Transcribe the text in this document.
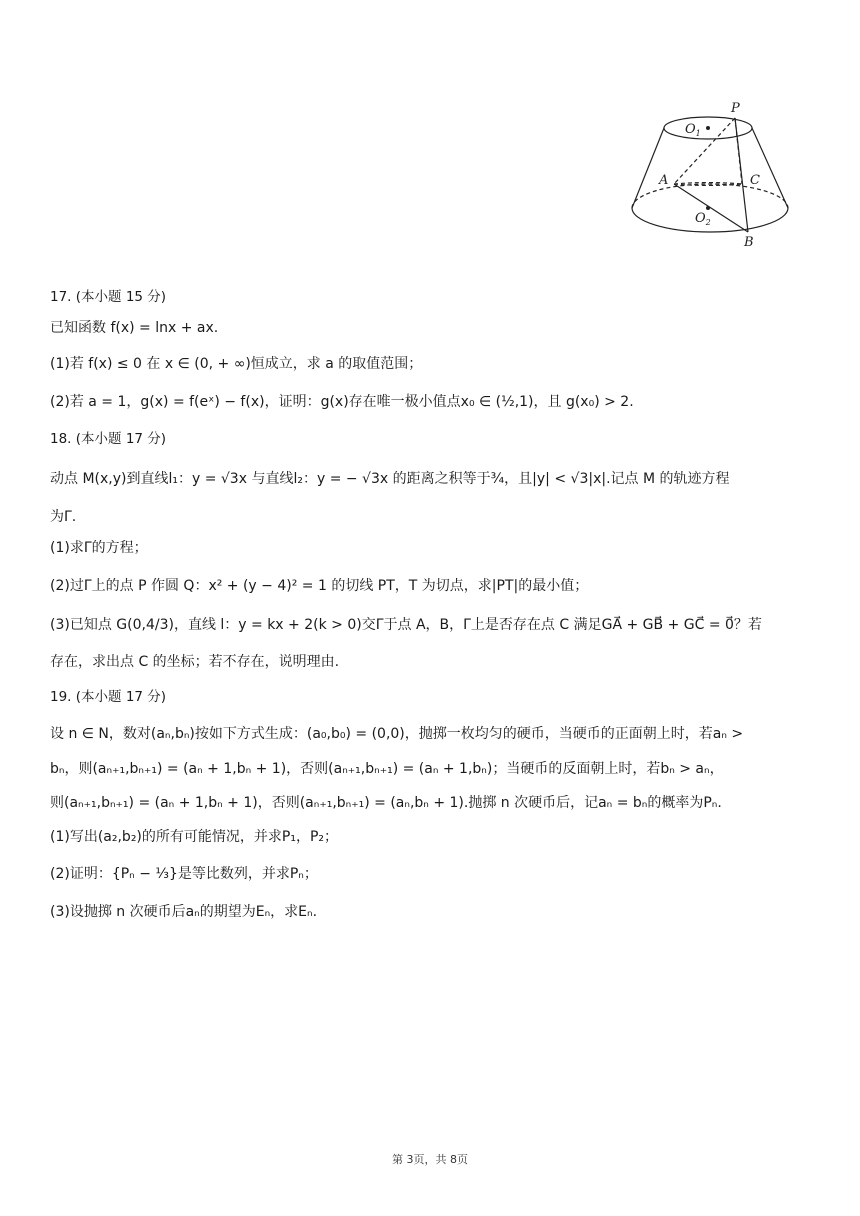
P
$O_1$
A	C
$O_2$
B
17. (本小题 15 分)
已知函数 f(x) = lnx + ax.
(1)若 f(x) ≤ 0 在 x ∈ (0, + ∞)恒成立，求 a 的取值范围；
(2)若 a = 1，g(x) = f(eˣ) − f(x)，证明：g(x)存在唯一极小值点x₀ ∈ (½,1)，且 g(x₀) > 2.
18. (本小题 17 分)
动点 M(x,y)到直线l₁：y = √3x 与直线l₂：y = − √3x 的距离之积等于¾，且|y| < √3|x|.记点 M 的轨迹方程
为Γ.
(1)求Γ的方程；
(2)过Γ上的点 P 作圆 Q：x² + (y − 4)² = 1 的切线 PT，T 为切点，求|PT|的最小值；
(3)已知点 G(0,4/3)，直线 l：y = kx + 2(k > 0)交Γ于点 A，B，Γ上是否存在点 C 满足GA⃗ + GB⃗ + GC⃗ = 0⃗？若
存在，求出点 C 的坐标；若不存在，说明理由.
19. (本小题 17 分)
设 n ∈ N，数对(aₙ,bₙ)按如下方式生成：(a₀,b₀) = (0,0)，抛掷一枚均匀的硬币，当硬币的正面朝上时，若aₙ >
bₙ，则(aₙ₊₁,bₙ₊₁) = (aₙ + 1,bₙ + 1)，否则(aₙ₊₁,bₙ₊₁) = (aₙ + 1,bₙ)；当硬币的反面朝上时，若bₙ > aₙ，
则(aₙ₊₁,bₙ₊₁) = (aₙ + 1,bₙ + 1)，否则(aₙ₊₁,bₙ₊₁) = (aₙ,bₙ + 1).抛掷 n 次硬币后，记aₙ = bₙ的概率为Pₙ.
(1)写出(a₂,b₂)的所有可能情况，并求P₁，P₂；
(2)证明：{Pₙ − ⅓}是等比数列，并求Pₙ；
(3)设抛掷 n 次硬币后aₙ的期望为Eₙ，求Eₙ.
第 3页，共 8页
